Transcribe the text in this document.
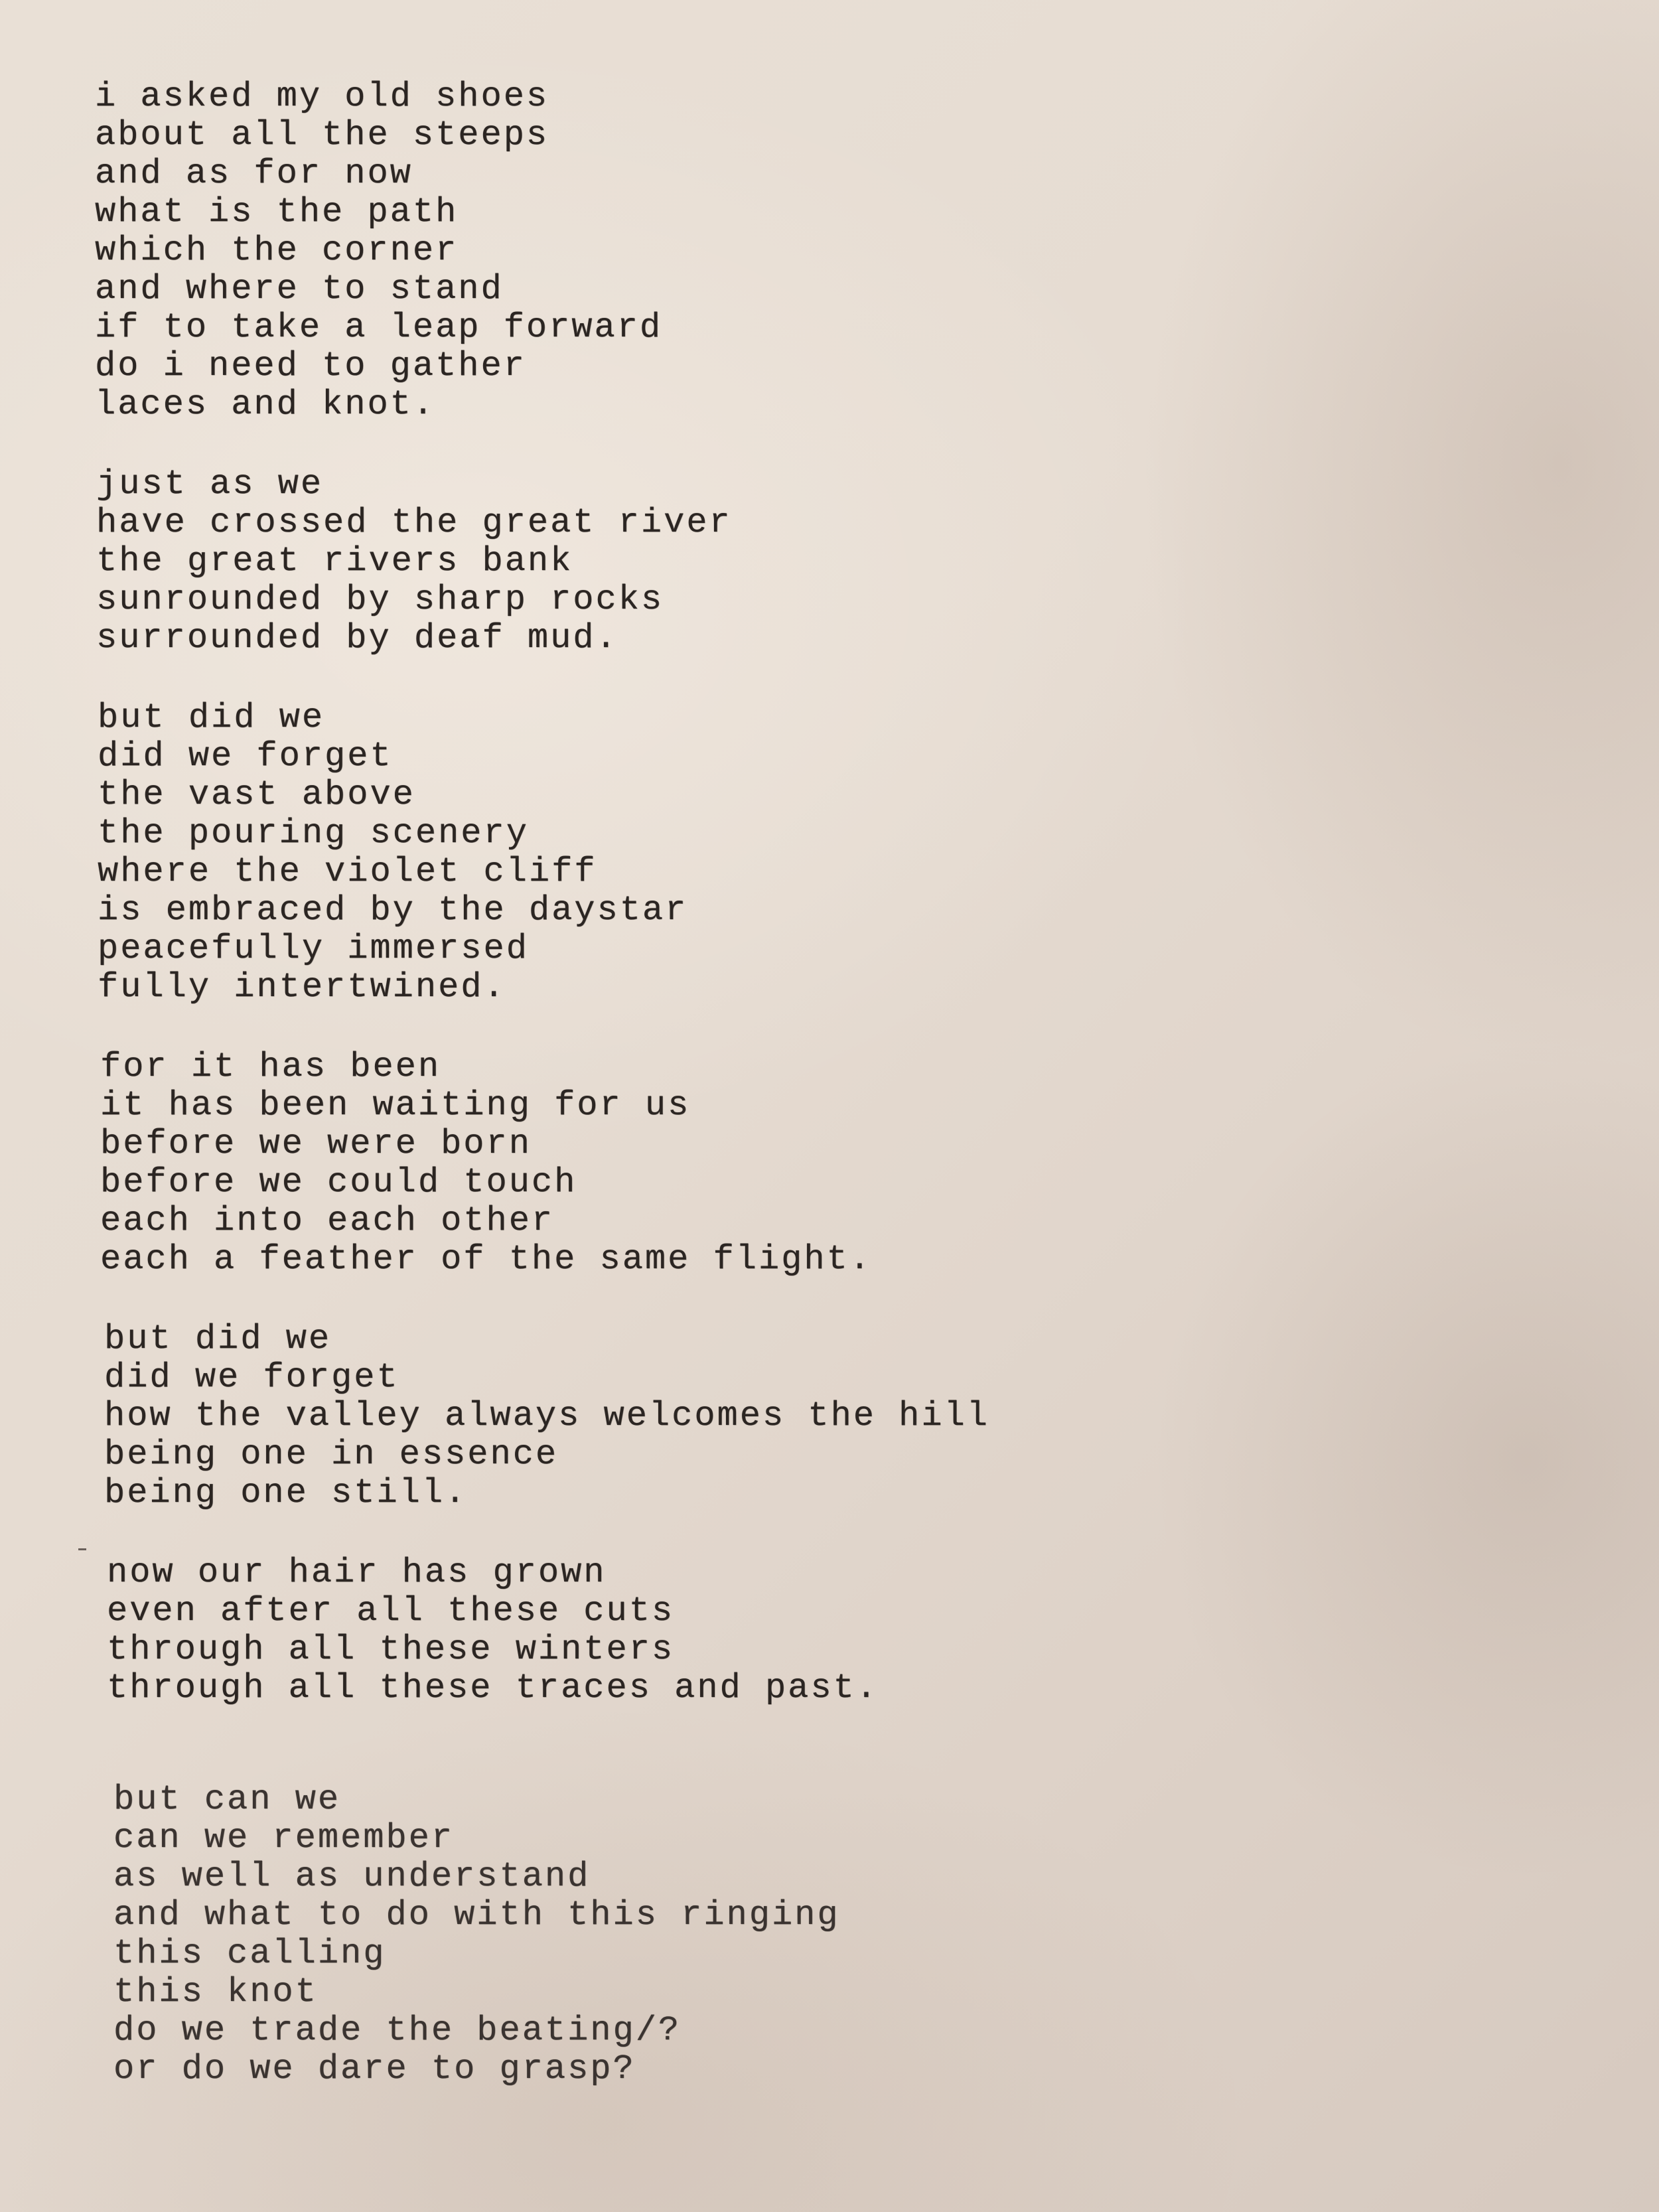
i asked my old shoes
about all the steeps
and as for now
what is the path
which the corner
and where to stand
if to take a leap forward
do i need to gather
laces and knot.
just as we
have crossed the great river
the great rivers bank
sunrounded by sharp rocks
surrounded by deaf mud.
but did we
did we forget
the vast above
the pouring scenery
where the violet cliff
is embraced by the daystar
peacefully immersed
fully intertwined.
for it has been
it has been waiting for us
before we were born
before we could touch
each into each other
each a feather of the same flight.
but did we
did we forget
how the valley always welcomes the hill
being one in essence
being one still.
now our hair has grown
even after all these cuts
through all these winters
through all these traces and past.
but can we
can we remember
as well as understand
and what to do with this ringing
this calling
this knot
do we trade the beating/?
or do we dare to grasp?
